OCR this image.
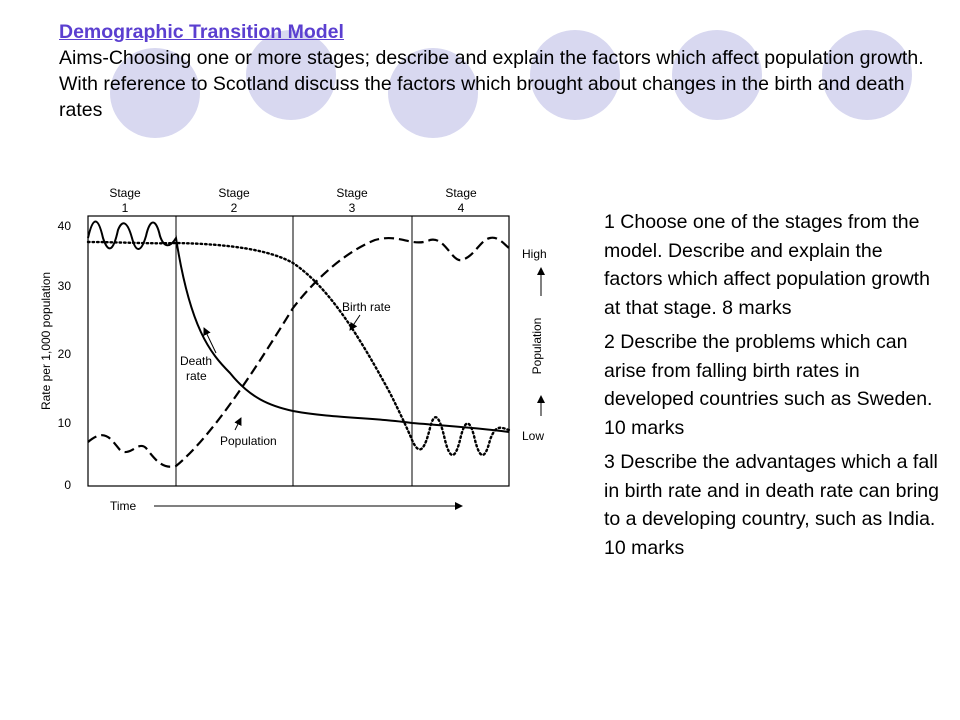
Demographic Transition Model

Aims-Choosing one or more stages; describe and explain the factors which affect population growth.

With reference to Scotland discuss the factors which brought about changes in the birth and death rates

Stage
1
Stage
2
Stage
3
Stage
4
40
30
20
10
0
Rate per 1,000 population	Birth rate
Death
rate
Population
High
Low
Population
Time

1 Choose one of the stages from the model. Describe and explain the factors which affect population growth at that stage. 8 marks

2 Describe the problems which can arise from falling birth rates in developed countries such as Sweden. 10 marks

3 Describe the advantages which a fall in birth rate and in death rate can bring to a developing country, such as India. 10 marks
